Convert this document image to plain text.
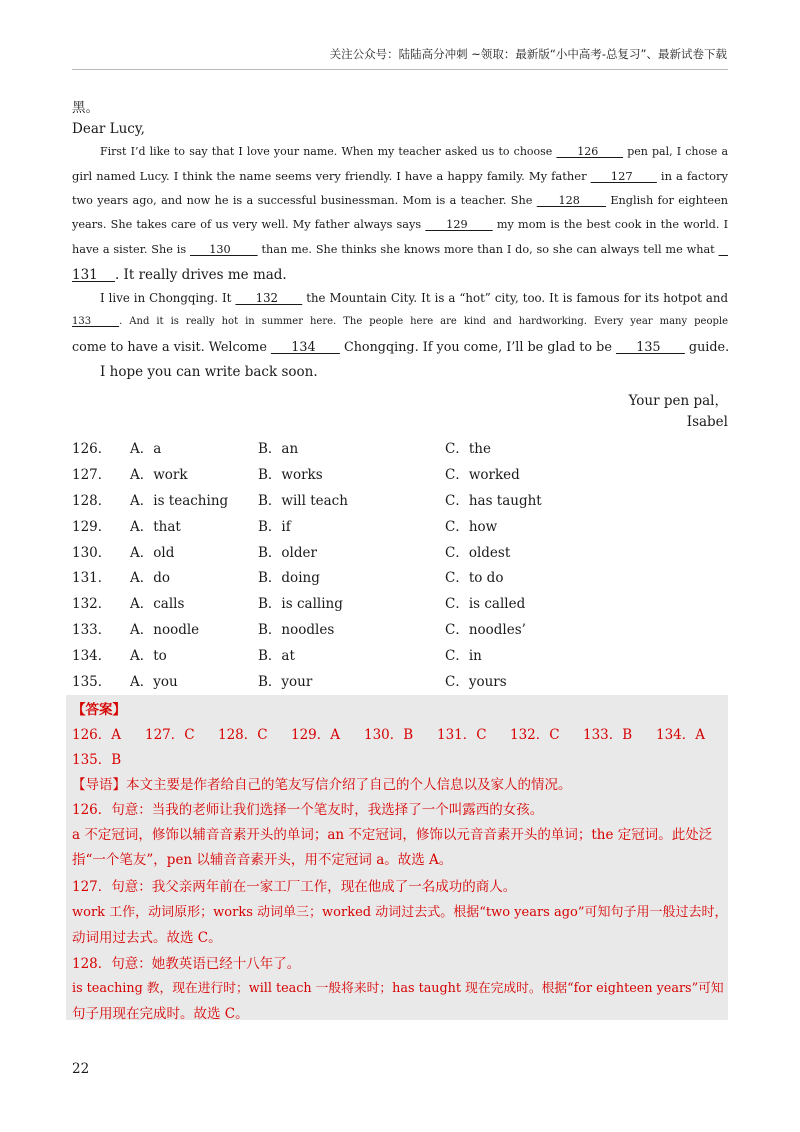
关注公众号：陆陆高分冲刺 ~领取：最新版“小中高考-总复习”、最新试卷下载
黑。
Dear Lucy,
First I’d like to say that I love your name. When my teacher asked us to choose      126       pen pal, I chose a
girl named Lucy. I think the name seems very friendly. I have a happy family. My father      127       in a factory
two years ago, and now he is a successful businessman. Mom is a teacher. She      128       English for eighteen
years. She takes care of us very well. My father always says      129       my mom is the best cook in the world. I
have a sister. She is      130        than me. She thinks she knows more than I do, so she can always tell me what  _
131    . It really drives me mad.
I live in Chongqing. It      132       the Mountain City. It is a “hot” city, too. It is famous for its hotpot and
133    . And it is really hot in summer here. The people here are kind and hardworking. Every year many people
come to have a visit. Welcome      134       Chongqing. If you come, I’ll be glad to be      135       guide.
I hope you can write back soon.
Your pen pal，
Isabel
126． A．a	B．an	C．the
127． A．work	B．works	C．worked
128． A．is teaching B．will teach	C．has taught
129． A．that	B．if	C．how
130． A．old	B．older	C．oldest
131． A．do	B．doing	C．to do
132． A．calls	B．is calling	C．is called
133． A．noodle	B．noodles	C．noodles’
134． A．to	B．at	C．in
135． A．you	B．your	C．yours
【答案】
126．A 127．C 128．C 129．A 130．B 131．C 132．C 133．B 134．A
135．B
【导语】本文主要是作者给自己的笔友写信介绍了自己的个人信息以及家人的情况。
126．句意：当我的老师让我们选择一个笔友时，我选择了一个叫露西的女孩。
a 不定冠词，修饰以辅音音素开头的单词；an 不定冠词，修饰以元音音素开头的单词；the 定冠词。此处泛
指“一个笔友”，pen 以辅音音素开头，用不定冠词 a。故选 A。
127．句意：我父亲两年前在一家工厂工作，现在他成了一名成功的商人。
work 工作，动词原形；works 动词单三；worked 动词过去式。根据“two years ago”可知句子用一般过去时，
动词用过去式。故选 C。
128．句意：她教英语已经十八年了。
is teaching 教，现在进行时；will teach 一般将来时；has taught 现在完成时。根据“for eighteen years”可知
句子用现在完成时。故选 C。
22
